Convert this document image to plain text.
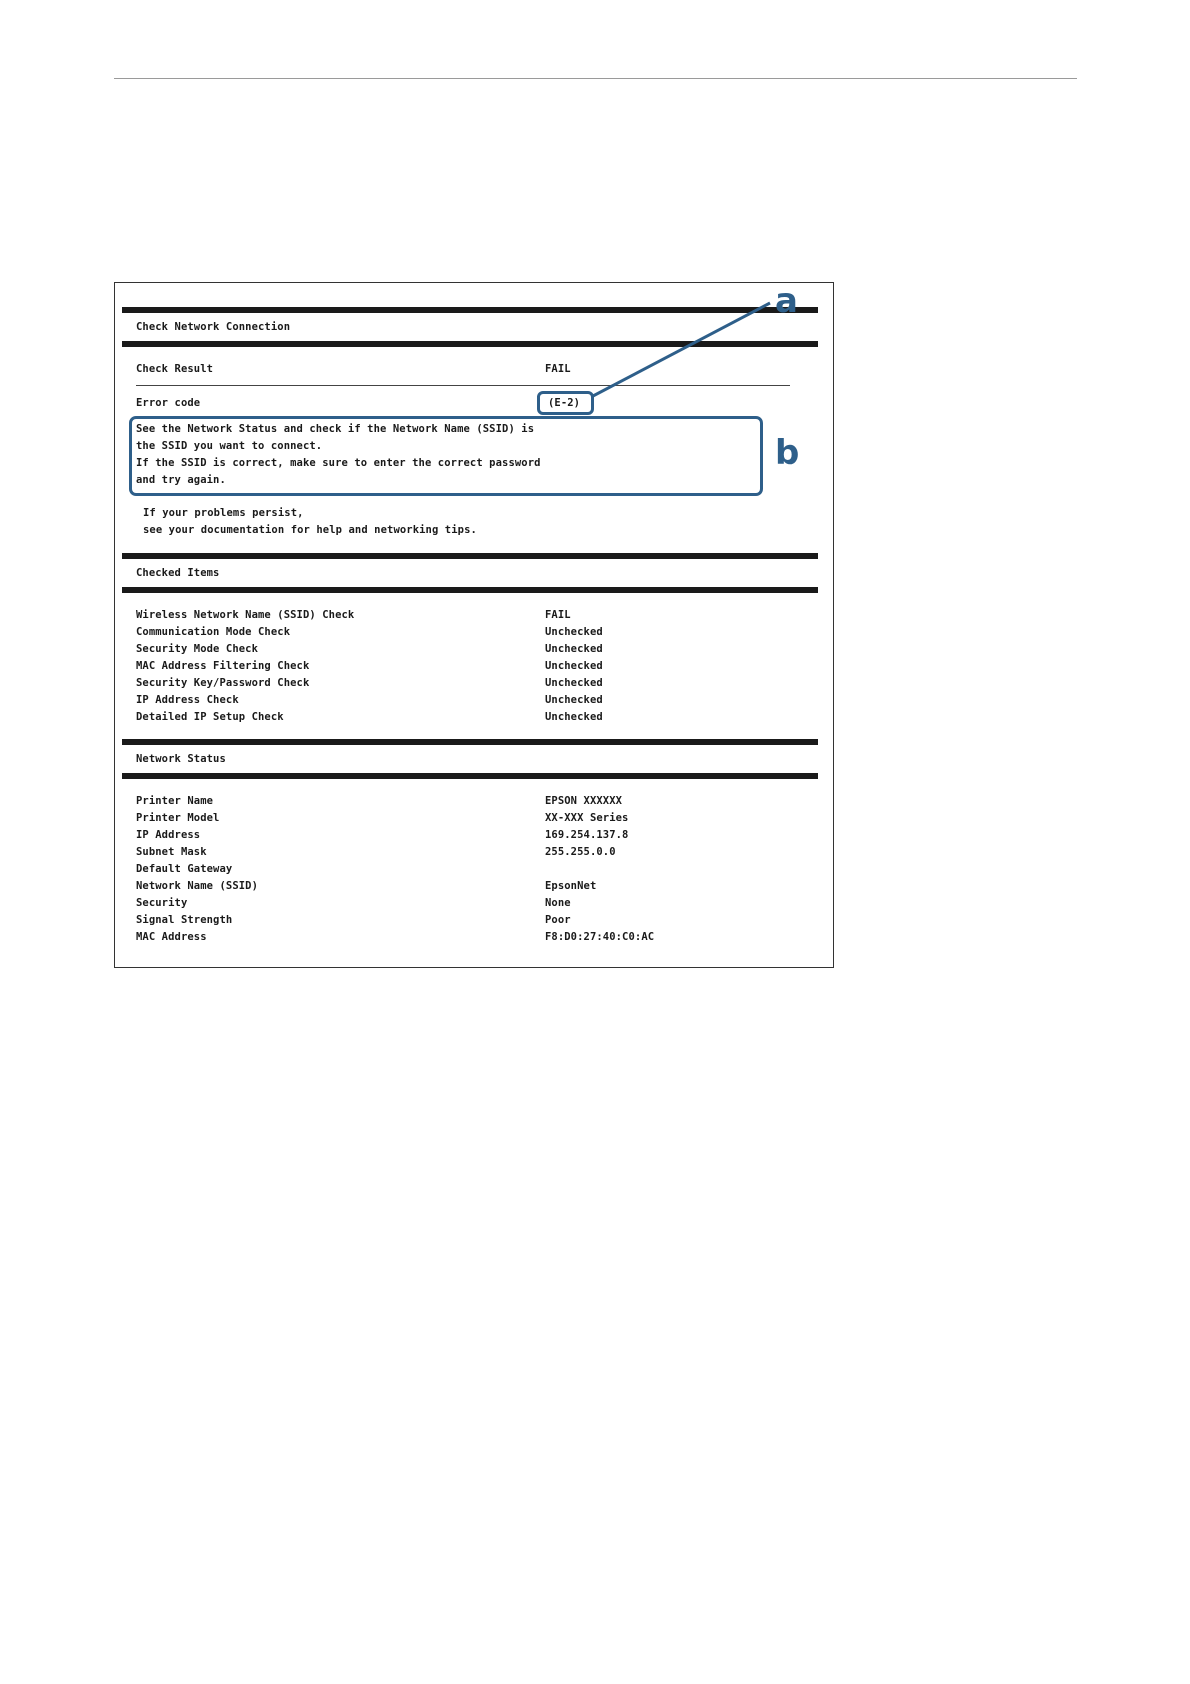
Check Network Connection
Check Result	FAIL
Error code	(E-2)
See the Network Status and check if the Network Name (SSID) is
the SSID you want to connect.
If the SSID is correct, make sure to enter the correct password
and try again.
If your problems persist,
see your documentation for help and networking tips.
Checked Items
Wireless Network Name (SSID) Check	FAIL
Communication Mode Check	Unchecked
Security Mode Check	Unchecked
MAC Address Filtering Check	Unchecked
Security Key/Password Check	Unchecked
IP Address Check	Unchecked
Detailed IP Setup Check	Unchecked
Network Status
Printer Name	EPSON XXXXXX
Printer Model	XX-XXX Series
IP Address	169.254.137.8
Subnet Mask	255.255.0.0
Default Gateway
Network Name (SSID)	EpsonNet
Security	None
Signal Strength	Poor
MAC Address	F8:D0:27:40:C0:AC
a
b
